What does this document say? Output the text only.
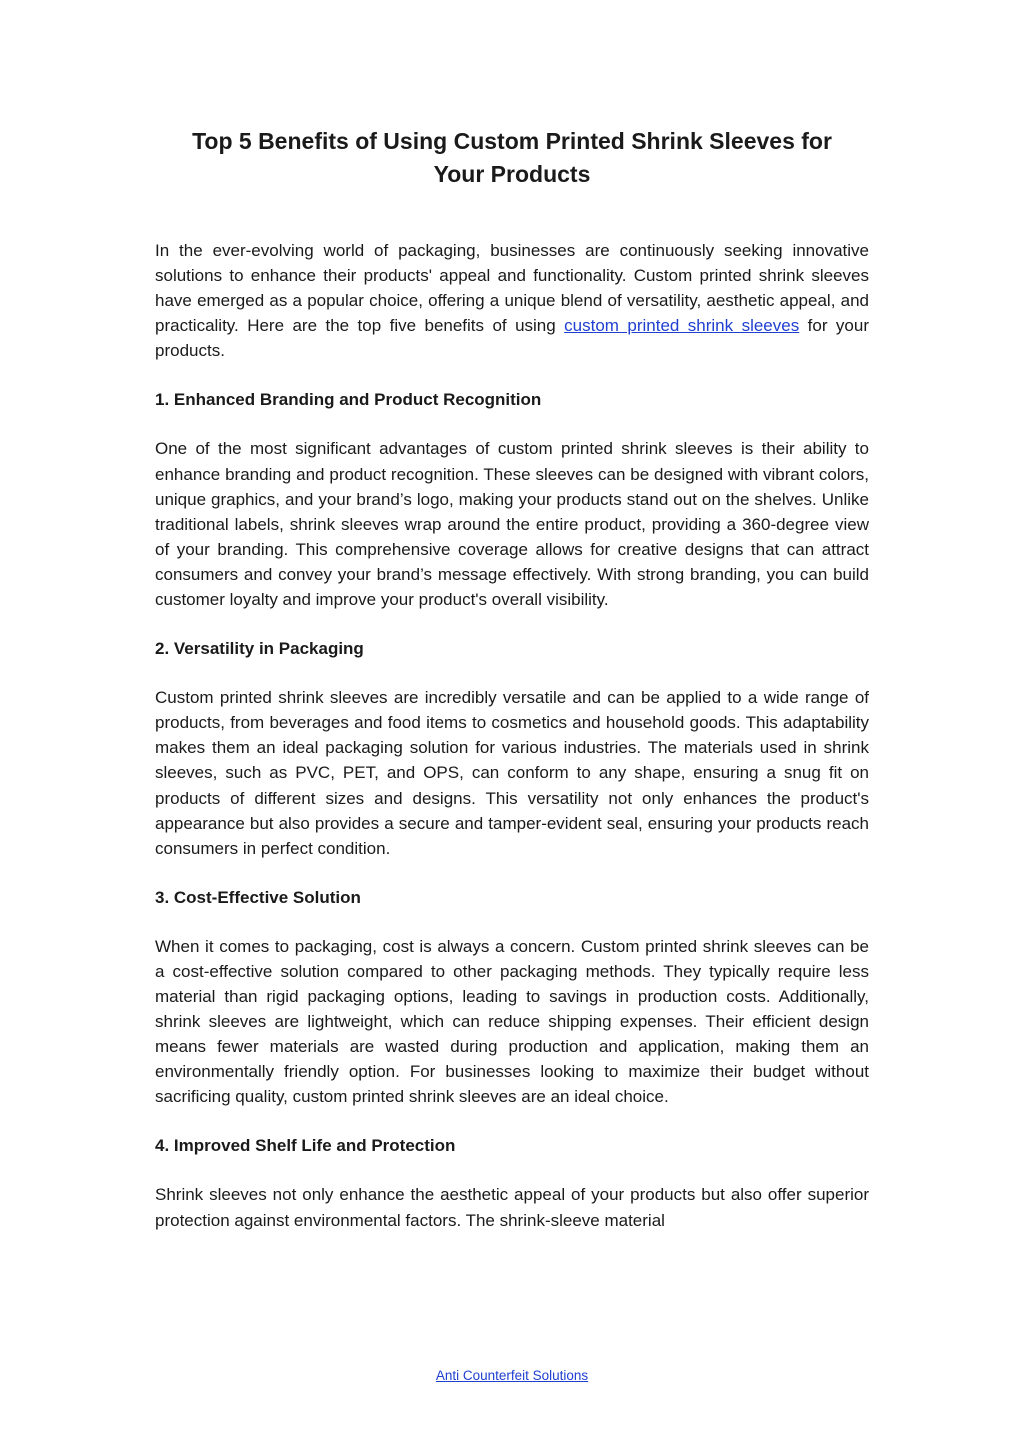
Top 5 Benefits of Using Custom Printed Shrink Sleeves for Your Products

In the ever-evolving world of packaging, businesses are continuously seeking innovative solutions to enhance their products' appeal and functionality. Custom printed shrink sleeves have emerged as a popular choice, offering a unique blend of versatility, aesthetic appeal, and practicality. Here are the top five benefits of using custom printed shrink sleeves for your products.

1. Enhanced Branding and Product Recognition

One of the most significant advantages of custom printed shrink sleeves is their ability to enhance branding and product recognition. These sleeves can be designed with vibrant colors, unique graphics, and your brand’s logo, making your products stand out on the shelves. Unlike traditional labels, shrink sleeves wrap around the entire product, providing a 360-degree view of your branding. This comprehensive coverage allows for creative designs that can attract consumers and convey your brand’s message effectively. With strong branding, you can build customer loyalty and improve your product's overall visibility.

2. Versatility in Packaging

Custom printed shrink sleeves are incredibly versatile and can be applied to a wide range of products, from beverages and food items to cosmetics and household goods. This adaptability makes them an ideal packaging solution for various industries. The materials used in shrink sleeves, such as PVC, PET, and OPS, can conform to any shape, ensuring a snug fit on products of different sizes and designs. This versatility not only enhances the product's appearance but also provides a secure and tamper-evident seal, ensuring your products reach consumers in perfect condition.

3. Cost-Effective Solution

When it comes to packaging, cost is always a concern. Custom printed shrink sleeves can be a cost-effective solution compared to other packaging methods. They typically require less material than rigid packaging options, leading to savings in production costs. Additionally, shrink sleeves are lightweight, which can reduce shipping expenses. Their efficient design means fewer materials are wasted during production and application, making them an environmentally friendly option. For businesses looking to maximize their budget without sacrificing quality, custom printed shrink sleeves are an ideal choice.

4. Improved Shelf Life and Protection

Shrink sleeves not only enhance the aesthetic appeal of your products but also offer superior protection against environmental factors. The shrink-sleeve material

Anti Counterfeit Solutions
